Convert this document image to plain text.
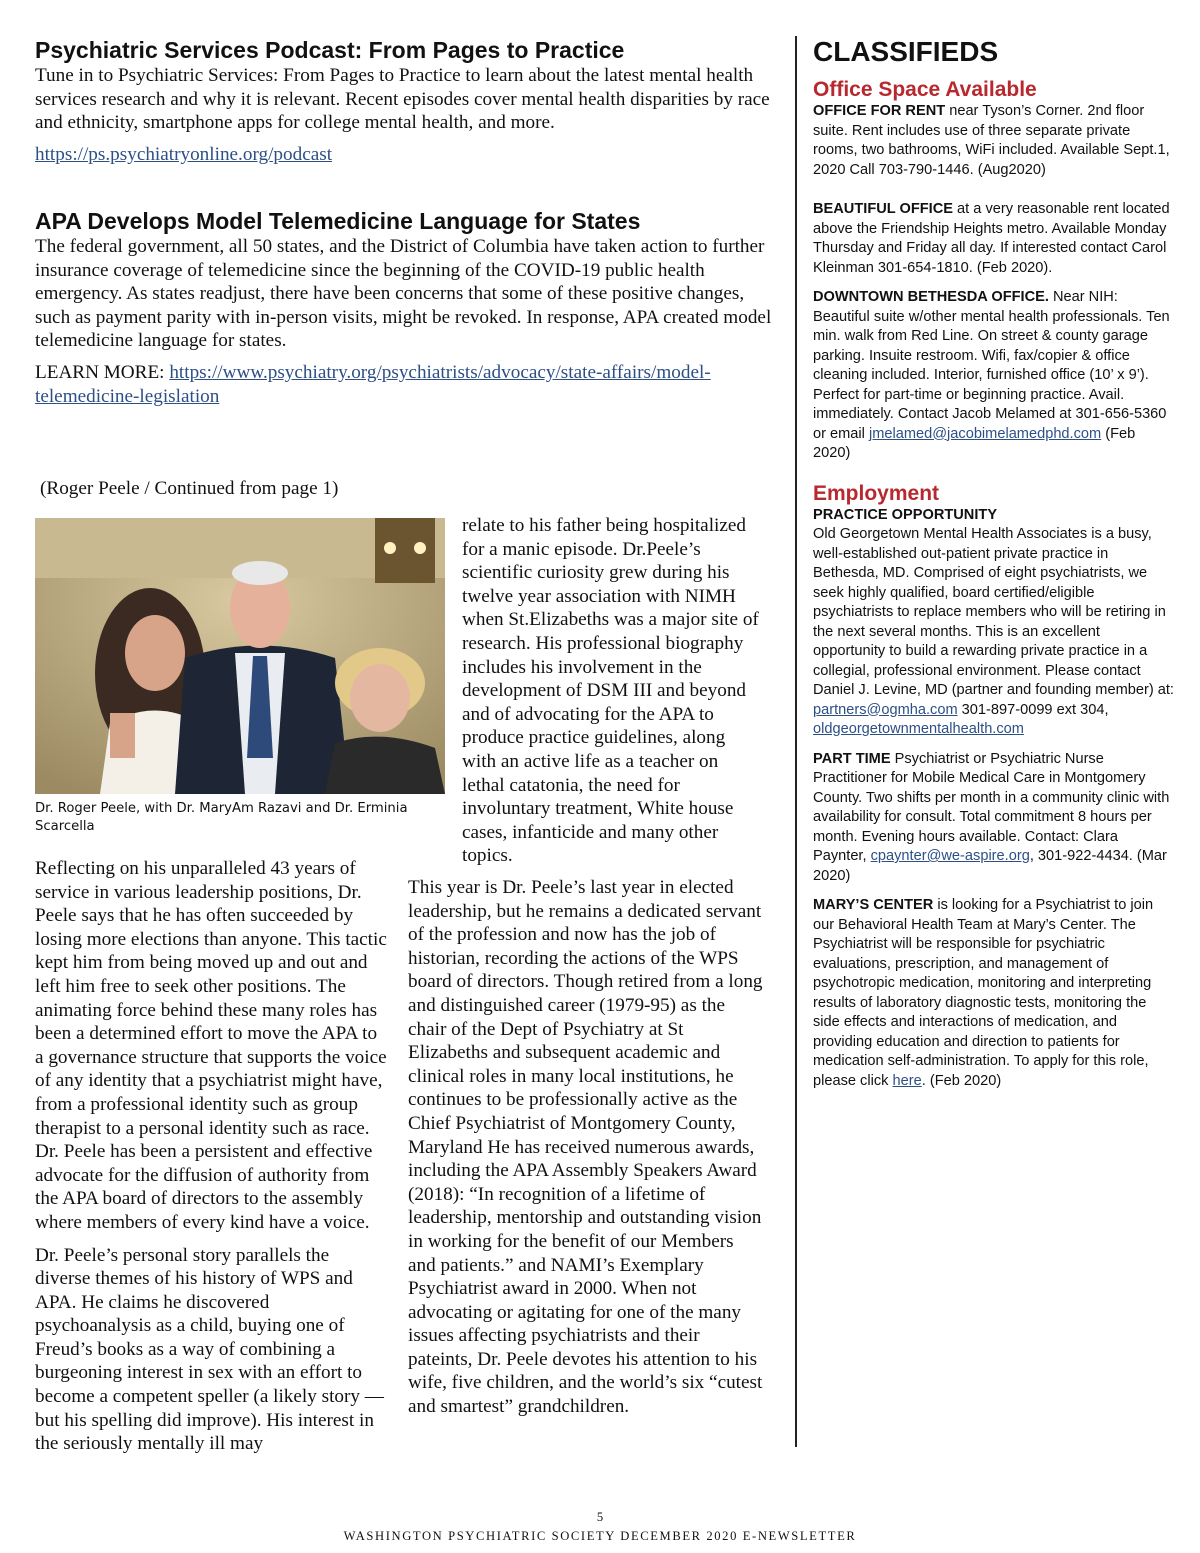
Psychiatric Services Podcast: From Pages to Practice

Tune in to Psychiatric Services: From Pages to Practice to learn about the latest mental health services research and why it is relevant. Recent episodes cover mental health disparities by race and ethnicity, smartphone apps for college mental health, and more.

https://ps.psychiatryonline.org/podcast

APA Develops Model Telemedicine Language for States

The federal government, all 50 states, and the District of Columbia have taken action to further insurance coverage of telemedicine since the beginning of the COVID-19 public health emergency. As states readjust, there have been concerns that some of these positive changes, such as payment parity with in-person visits, might be revoked. In response, APA created model telemedicine language for states.

LEARN MORE: https://www.psychiatry.org/psychiatrists/advocacy/state-affairs/model-
telemedicine-legislation

(Roger Peele / Continued from page 1)
Dr. Roger Peele, with Dr. MaryAm Razavi and Dr. Erminia Scarcella

Reflecting on his unparalleled 43 years of service in various leadership positions, Dr. Peele says that he has often succeeded by losing more elections than anyone. This tactic kept him from being moved up and out and left him free to seek other positions. The animating force behind these many roles has been a determined effort to move the APA to a governance structure that supports the voice of any identity that a psychiatrist might have, from a professional identity such as group therapist to a personal identity such as race. Dr. Peele has been a persistent and effective advocate for the diffusion of authority from the APA board of directors to the assembly where members of every kind have a voice.

Dr. Peele’s personal story parallels the diverse themes of his history of WPS and APA. He claims he discovered psychoanalysis as a child, buying one of Freud’s books as a way of combining a burgeoning interest in sex with an effort to become a competent speller (a likely story — but his spelling did improve). His interest in the seriously mentally ill may

relate to his father being hospitalized for a manic episode. Dr.Peele’s scientific curiosity grew during his twelve year association with NIMH when St.Elizabeths was a major site of research. His professional biography includes his involvement in the development of DSM III and beyond and of advocating for the APA to produce practice guidelines, along with an active life as a teacher on lethal catatonia, the need for involuntary treatment, White house cases, infanticide and many other topics.

This year is Dr. Peele’s last year in elected leadership, but he remains a dedicated servant of the profession and now has the job of historian, recording the actions of the WPS board of directors. Though retired from a long and distinguished career (1979-95) as the chair of the Dept of Psychiatry at St Elizabeths and subsequent academic and clinical roles in many local institutions, he continues to be professionally active as the Chief Psychiatrist of Montgomery County, Maryland He has received numerous awards, including the APA Assembly Speakers Award (2018): “In recognition of a lifetime of leadership, mentorship and outstanding vision in working for the benefit of our Members and patients.” and NAMI’s Exemplary Psychiatrist award in 2000. When not advocating or agitating for one of the many issues affecting psychiatrists and their pateints, Dr. Peele devotes his attention to his wife, five children, and the world’s six “cutest and smartest” grandchildren.

CLASSIFIEDS
Office Space Available

OFFICE FOR RENT near Tyson’s Corner. 2nd floor suite. Rent includes use of three separate private rooms, two bathrooms, WiFi included. Available Sept.1, 2020 Call 703-790-1446. (Aug2020)

BEAUTIFUL OFFICE at a very reasonable rent located above the Friendship Heights metro. Available Monday Thursday and Friday all day. If interested contact Carol Kleinman 301-654-1810. (Feb 2020).

DOWNTOWN BETHESDA OFFICE. Near NIH: Beautiful suite w/other mental health professionals. Ten min. walk from Red Line. On street & county garage parking. Insuite restroom. Wifi, fax/copier & office cleaning included. Interior, furnished office (10’ x 9’). Perfect for part-time or beginning practice. Avail. immediately. Contact Jacob Melamed at 301-656-5360 or email jmelamed@jacobimelamedphd.com (Feb 2020)

Employment

PRACTICE OPPORTUNITY
Old Georgetown Mental Health Associates is a busy, well-established out-patient private practice in Bethesda, MD. Comprised of eight psychiatrists, we seek highly qualified, board certified/eligible psychiatrists to replace members who will be retiring in the next several months. This is an excellent opportunity to build a rewarding private practice in a collegial, professional environment. Please contact Daniel J. Levine, MD (partner and founding member) at: partners@ogmha.com 301-897-0099 ext 304, oldgeorgetownmentalhealth.com

PART TIME Psychiatrist or Psychiatric Nurse Practitioner for Mobile Medical Care in Montgomery County. Two shifts per month in a community clinic with availability for consult. Total commitment 8 hours per month. Evening hours available. Contact: Clara Paynter, cpaynter@we-aspire.org, 301-922-4434. (Mar 2020)

MARY’S CENTER is looking for a Psychiatrist to join our Behavioral Health Team at Mary’s Center. The Psychiatrist will be responsible for psychiatric evaluations, prescription, and management of psychotropic medication, monitoring and interpreting results of laboratory diagnostic tests, monitoring the side effects and interactions of medication, and providing education and direction to patients for medication self-administration. To apply for this role, please click here. (Feb 2020)

5
WASHINGTON PSYCHIATRIC SOCIETY DECEMBER 2020 E-NEWSLETTER
